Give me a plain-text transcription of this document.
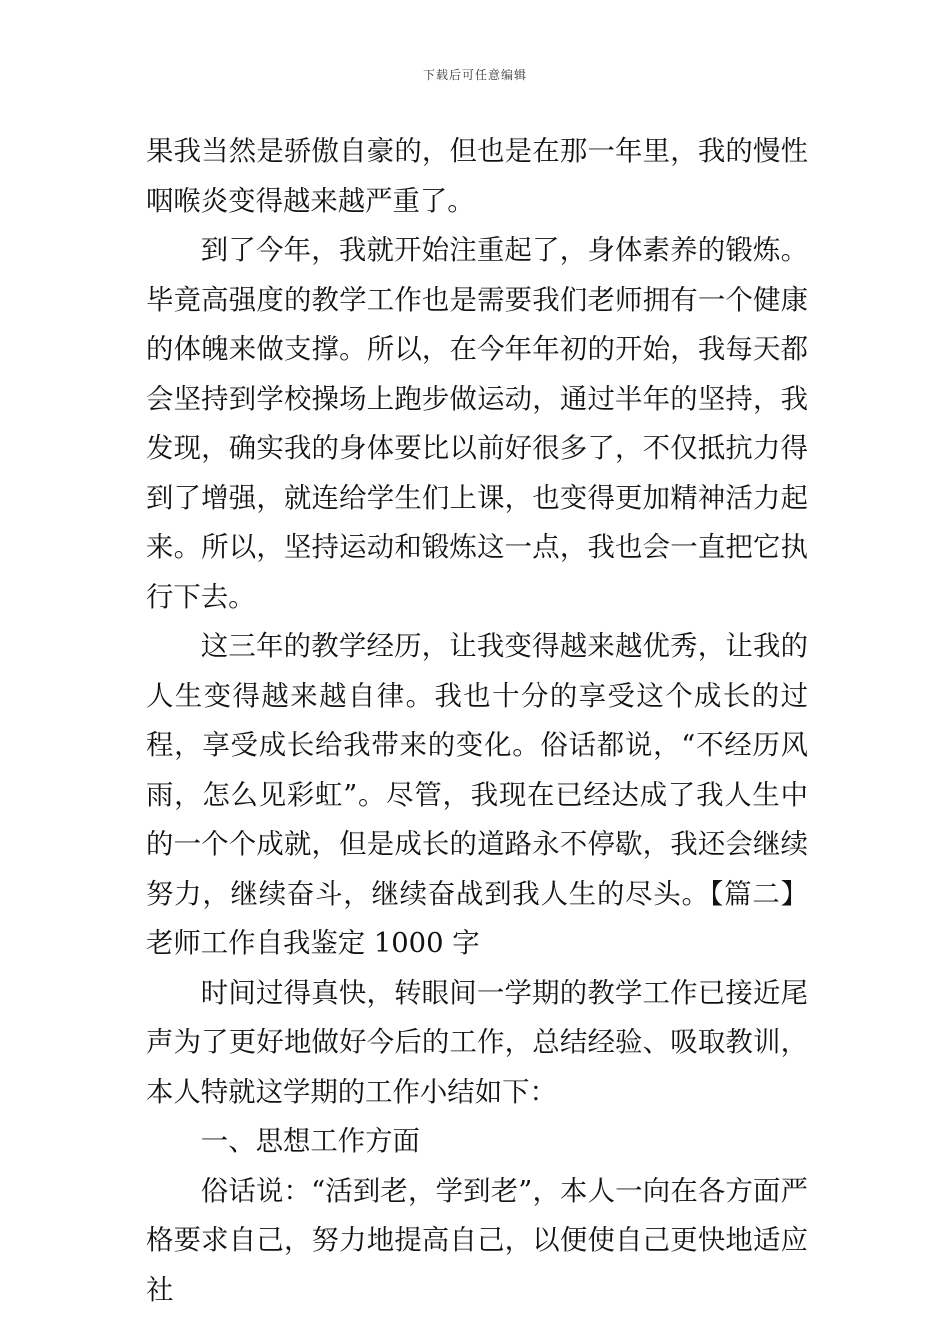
下载后可任意编辑

果我当然是骄傲自豪的，但也是在那一年里，我的慢性咽喉炎变得越来越严重了。

到了今年，我就开始注重起了，身体素养的锻炼。毕竟高强度的教学工作也是需要我们老师拥有一个健康的体魄来做支撑。所以，在今年年初的开始，我每天都会坚持到学校操场上跑步做运动，通过半年的坚持，我发现，确实我的身体要比以前好很多了，不仅抵抗力得到了增强，就连给学生们上课，也变得更加精神活力起来。所以，坚持运动和锻炼这一点，我也会一直把它执行下去。

这三年的教学经历，让我变得越来越优秀，让我的人生变得越来越自律。我也十分的享受这个成长的过程，享受成长给我带来的变化。俗话都说，“不经历风雨，怎么见彩虹”。尽管，我现在已经达成了我人生中的一个个成就，但是成长的道路永不停歇，我还会继续努力，继续奋斗，继续奋战到我人生的尽头。【篇二】老师工作自我鉴定 1000 字

时间过得真快，转眼间一学期的教学工作已接近尾声为了更好地做好今后的工作，总结经验、吸取教训，本人特就这学期的工作小结如下：

一、思想工作方面

俗话说：“活到老，学到老”，本人一向在各方面严格要求自己，努力地提高自己，以便使自己更快地适应社
